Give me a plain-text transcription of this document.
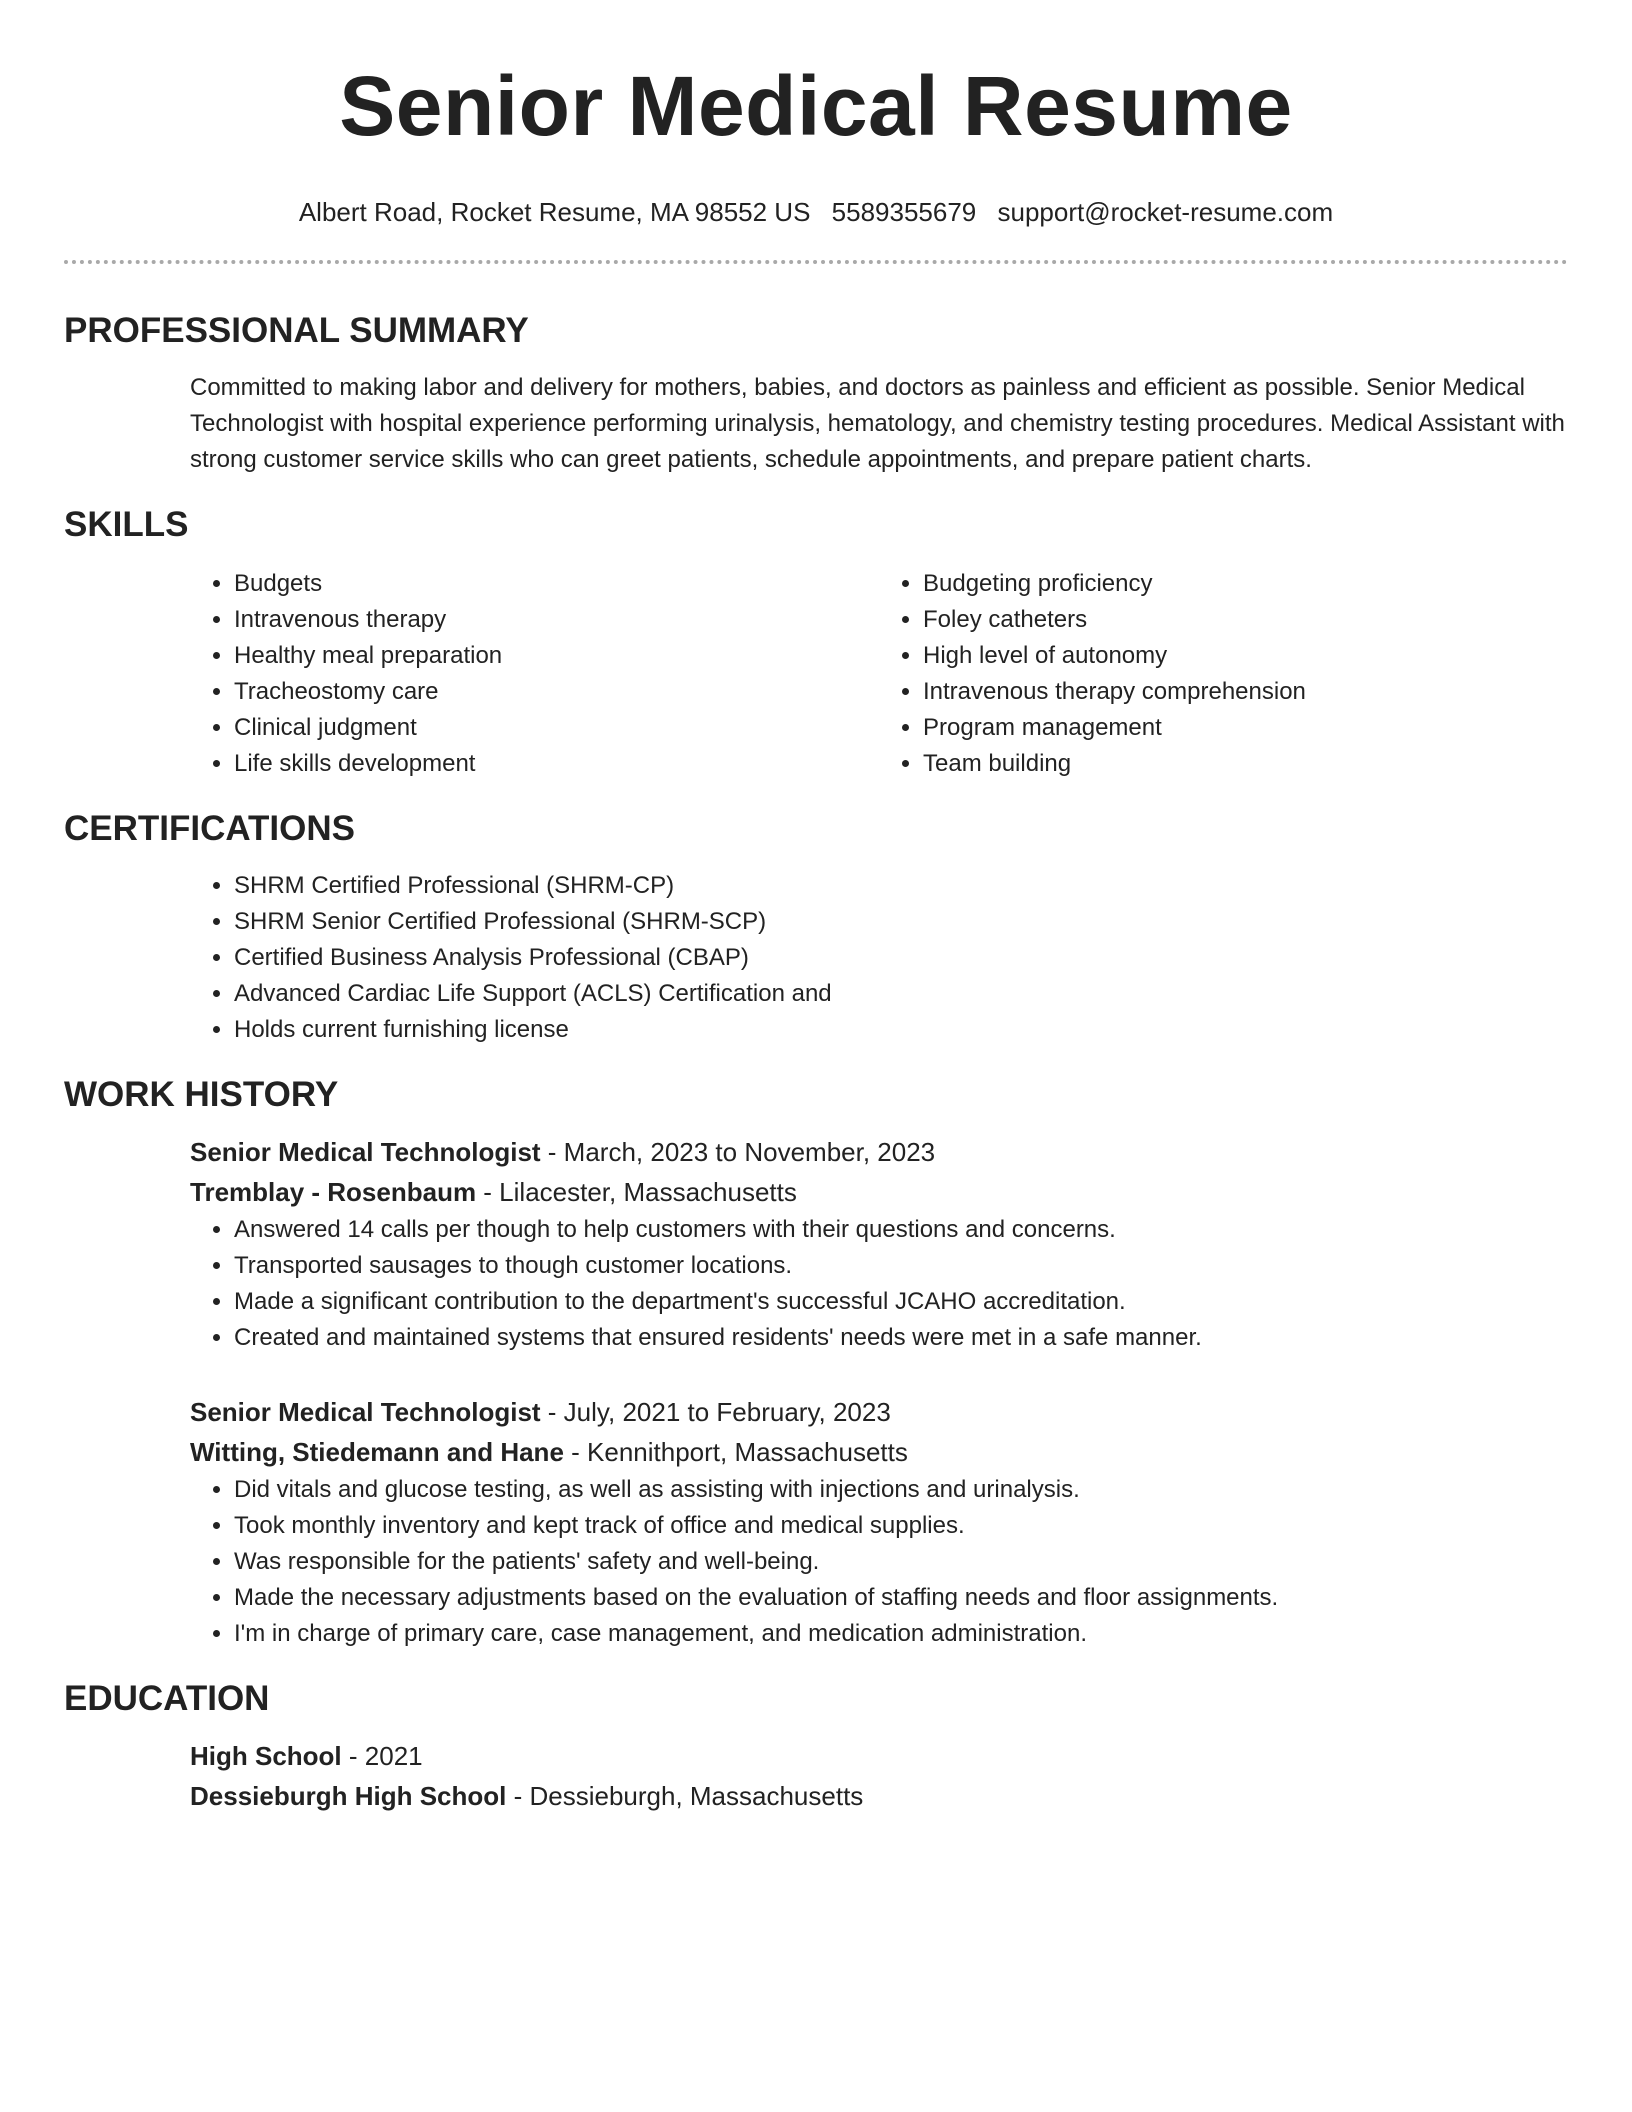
Senior Medical Resume
Albert Road, Rocket Resume, MA 98552 US 5589355679 support@rocket-resume.com
PROFESSIONAL SUMMARY

Committed to making labor and delivery for mothers, babies, and doctors as painless and efficient as possible. Senior Medical Technologist with hospital experience performing urinalysis, hematology, and chemistry testing procedures. Medical Assistant with strong customer service skills who can greet patients, schedule appointments, and prepare patient charts.

SKILLS
• Budgets
• Intravenous therapy
• Healthy meal preparation
• Tracheostomy care
• Clinical judgment
• Life skills development
• Budgeting proficiency
• Foley catheters
• High level of autonomy
• Intravenous therapy comprehension
• Program management
• Team building
CERTIFICATIONS
• SHRM Certified Professional (SHRM-CP)
• SHRM Senior Certified Professional (SHRM-SCP)
• Certified Business Analysis Professional (CBAP)
• Advanced Cardiac Life Support (ACLS) Certification and
• Holds current furnishing license
WORK HISTORY
Senior Medical Technologist - March, 2023 to November, 2023
Tremblay - Rosenbaum - Lilacester, Massachusetts
• Answered 14 calls per though to help customers with their questions and concerns.
• Transported sausages to though customer locations.
• Made a significant contribution to the department's successful JCAHO accreditation.
• Created and maintained systems that ensured residents' needs were met in a safe manner.
Senior Medical Technologist - July, 2021 to February, 2023
Witting, Stiedemann and Hane - Kennithport, Massachusetts
• Did vitals and glucose testing, as well as assisting with injections and urinalysis.
• Took monthly inventory and kept track of office and medical supplies.
• Was responsible for the patients' safety and well-being.
• Made the necessary adjustments based on the evaluation of staffing needs and floor assignments.
• I'm in charge of primary care, case management, and medication administration.
EDUCATION
High School - 2021
Dessieburgh High School - Dessieburgh, Massachusetts
